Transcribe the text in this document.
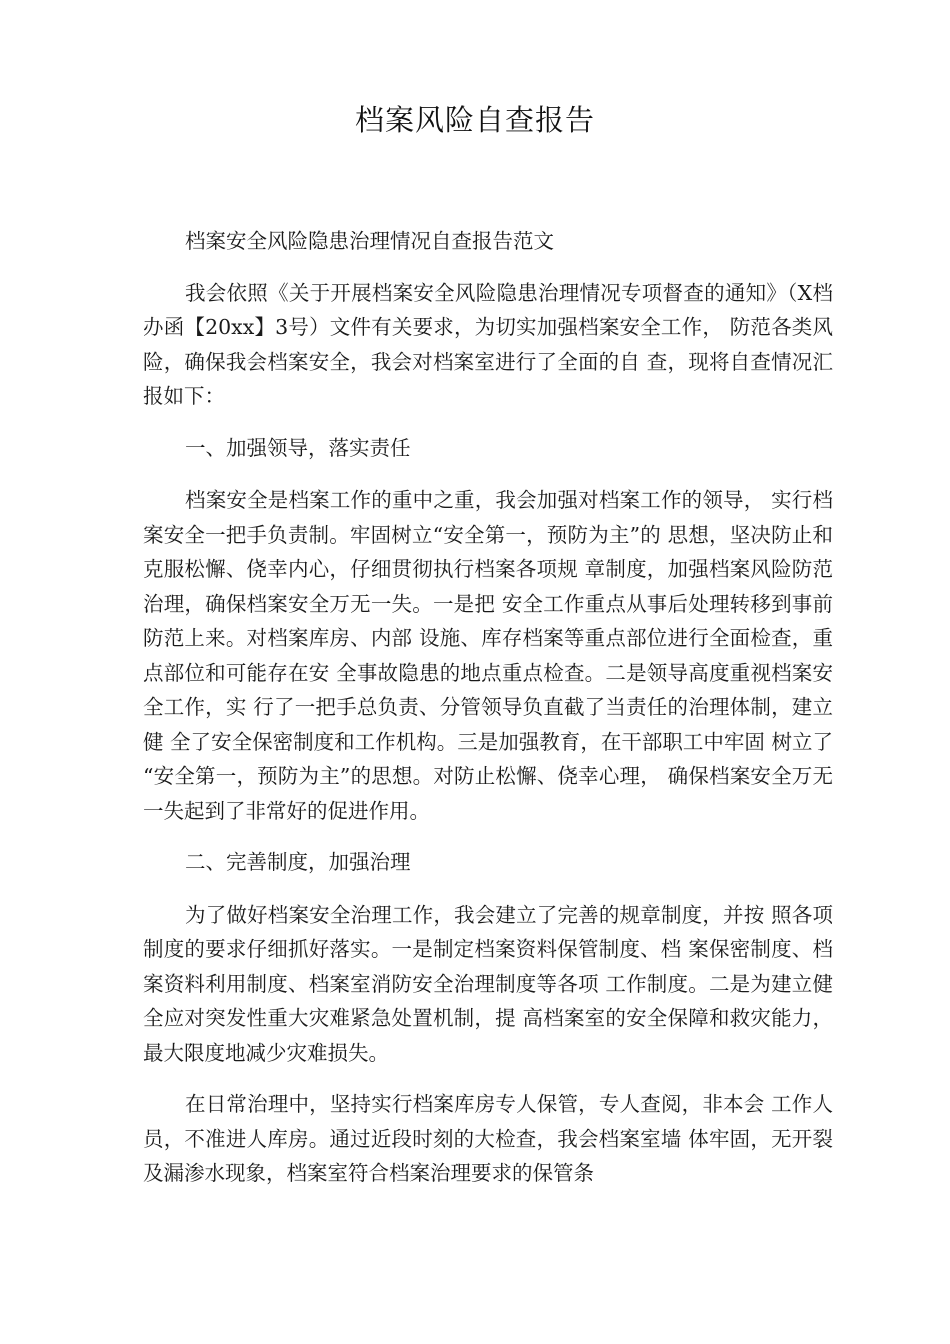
档案风险自查报告

档案安全风险隐患治理情况自查报告范文

我会依照《关于开展档案安全风险隐患治理情况专项督查的通知》（X档办函【20xx】3号）文件有关要求，为切实加强档案安全工作， 防范各类风险，确保我会档案安全，我会对档案室进行了全面的自 查，现将自查情况汇报如下：

一、加强领导，落实责任

档案安全是档案工作的重中之重，我会加强对档案工作的领导， 实行档案安全一把手负责制。牢固树立“安全第一，预防为主”的 思想，坚决防止和克服松懈、侥幸内心，仔细贯彻执行档案各项规 章制度，加强档案风险防范治理，确保档案安全万无一失。一是把 安全工作重点从事后处理转移到事前防范上来。对档案库房、内部 设施、库存档案等重点部位进行全面检查，重点部位和可能存在安 全事故隐患的地点重点检查。二是领导高度重视档案安全工作，实 行了一把手总负责、分管领导负直截了当责任的治理体制，建立健 全了安全保密制度和工作机构。三是加强教育，在干部职工中牢固 树立了 “安全第一，预防为主”的思想。对防止松懈、侥幸心理， 确保档案安全万无一失起到了非常好的促进作用。

二、完善制度，加强治理

为了做好档案安全治理工作，我会建立了完善的规章制度，并按 照各项制度的要求仔细抓好落实。一是制定档案资料保管制度、档 案保密制度、档案资料利用制度、档案室消防安全治理制度等各项 工作制度。二是为建立健全应对突发性重大灾难紧急处置机制，提 高档案室的安全保障和救灾能力，最大限度地减少灾难损失。

在日常治理中，坚持实行档案库房专人保管，专人查阅，非本会 工作人员，不准进人库房。通过近段时刻的大检查，我会档案室墙 体牢固，无开裂及漏渗水现象，档案室符合档案治理要求的保管条
